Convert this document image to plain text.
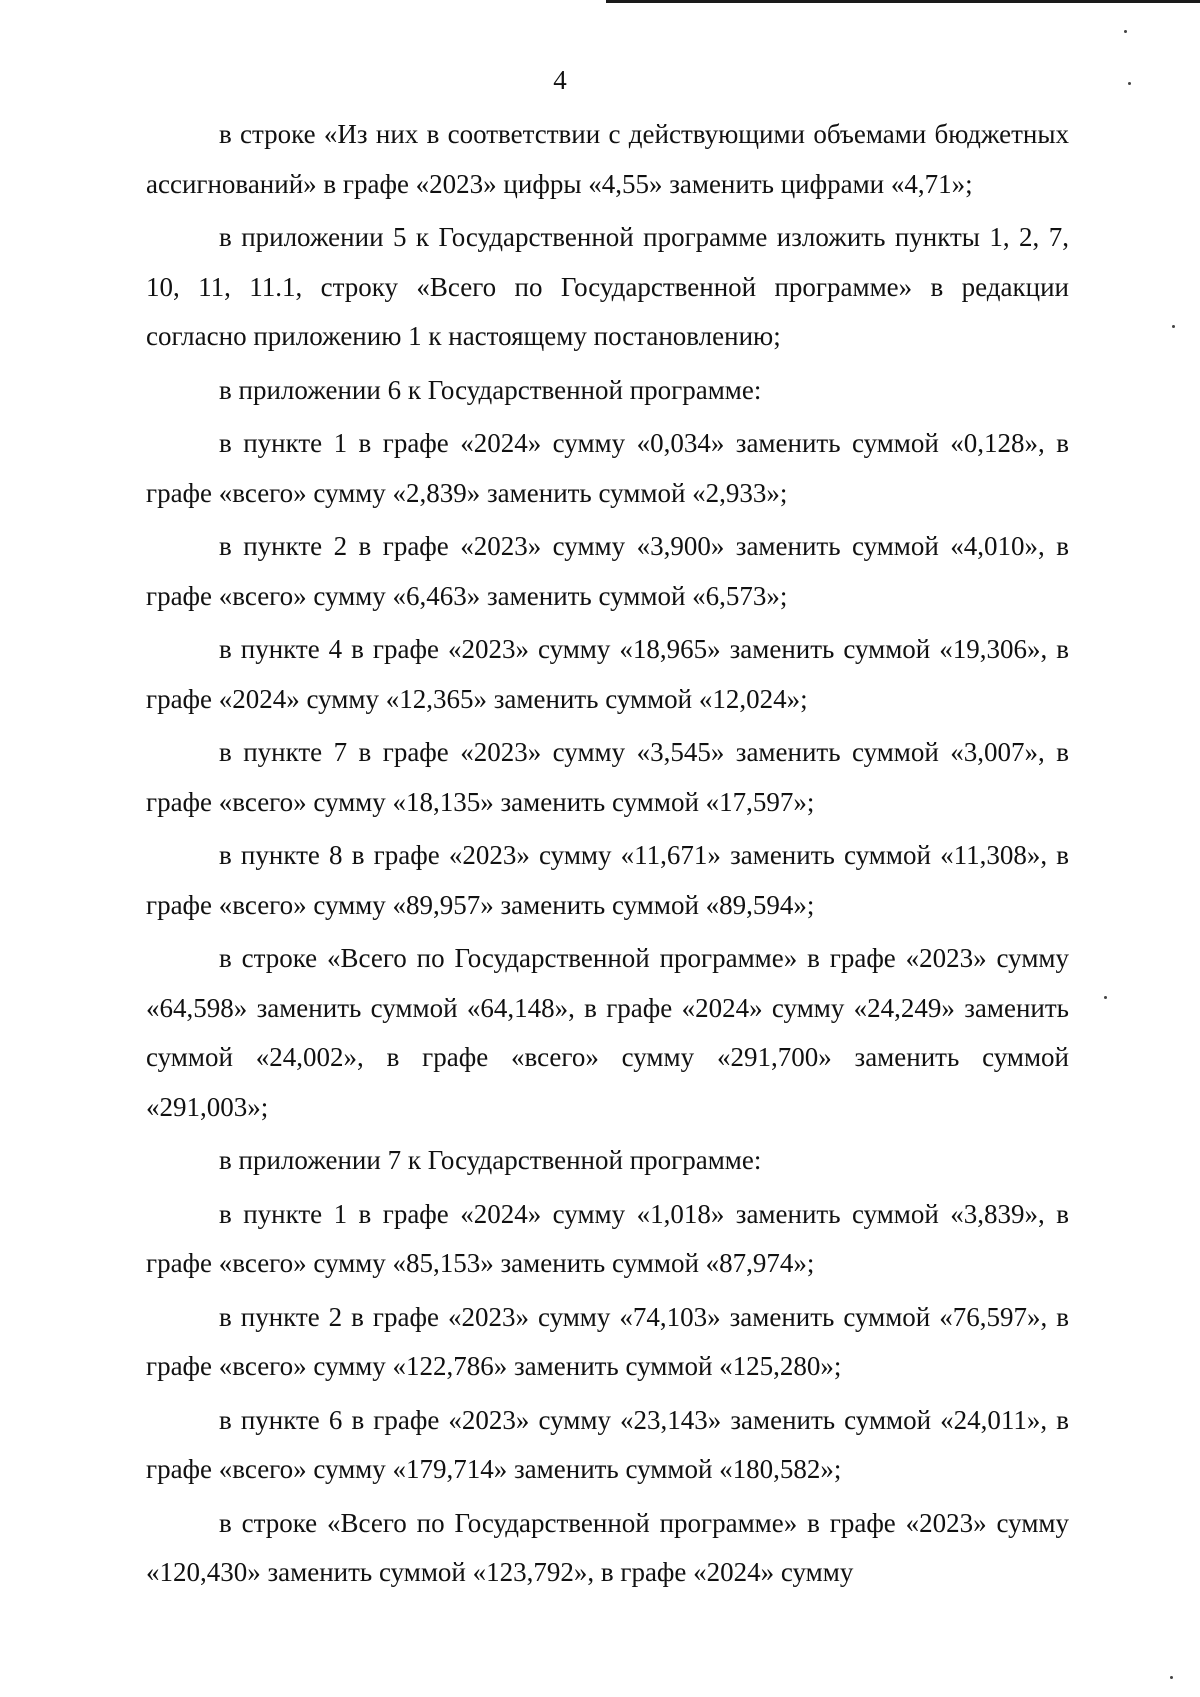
4

в строке «Из них в соответствии с действующими объемами бюджетных ассигнований» в графе «2023» цифры «4,55» заменить цифрами «4,71»;

в приложении 5 к Государственной программе изложить пункты 1, 2, 7, 10, 11, 11.1, строку «Всего по Государственной программе» в редакции согласно приложению 1 к настоящему постановлению;

в приложении 6 к Государственной программе:

в пункте 1 в графе «2024» сумму «0,034» заменить суммой «0,128», в графе «всего» сумму «2,839» заменить суммой «2,933»;

в пункте 2 в графе «2023» сумму «3,900» заменить суммой «4,010», в графе «всего» сумму «6,463» заменить суммой «6,573»;

в пункте 4 в графе «2023» сумму «18,965» заменить суммой «19,306», в графе «2024» сумму «12,365» заменить суммой «12,024»;

в пункте 7 в графе «2023» сумму «3,545» заменить суммой «3,007», в графе «всего» сумму «18,135» заменить суммой «17,597»;

в пункте 8 в графе «2023» сумму «11,671» заменить суммой «11,308», в графе «всего» сумму «89,957» заменить суммой «89,594»;

в строке «Всего по Государственной программе» в графе «2023» сумму «64,598» заменить суммой «64,148», в графе «2024» сумму «24,249» заменить суммой «24,002», в графе «всего» сумму «291,700» заменить суммой «291,003»;

в приложении 7 к Государственной программе:

в пункте 1 в графе «2024» сумму «1,018» заменить суммой «3,839», в графе «всего» сумму «85,153» заменить суммой «87,974»;

в пункте 2 в графе «2023» сумму «74,103» заменить суммой «76,597», в графе «всего» сумму «122,786» заменить суммой «125,280»;

в пункте 6 в графе «2023» сумму «23,143» заменить суммой «24,011», в графе «всего» сумму «179,714» заменить суммой «180,582»;

в строке «Всего по Государственной программе» в графе «2023» сумму «120,430» заменить суммой «123,792», в графе «2024» сумму
